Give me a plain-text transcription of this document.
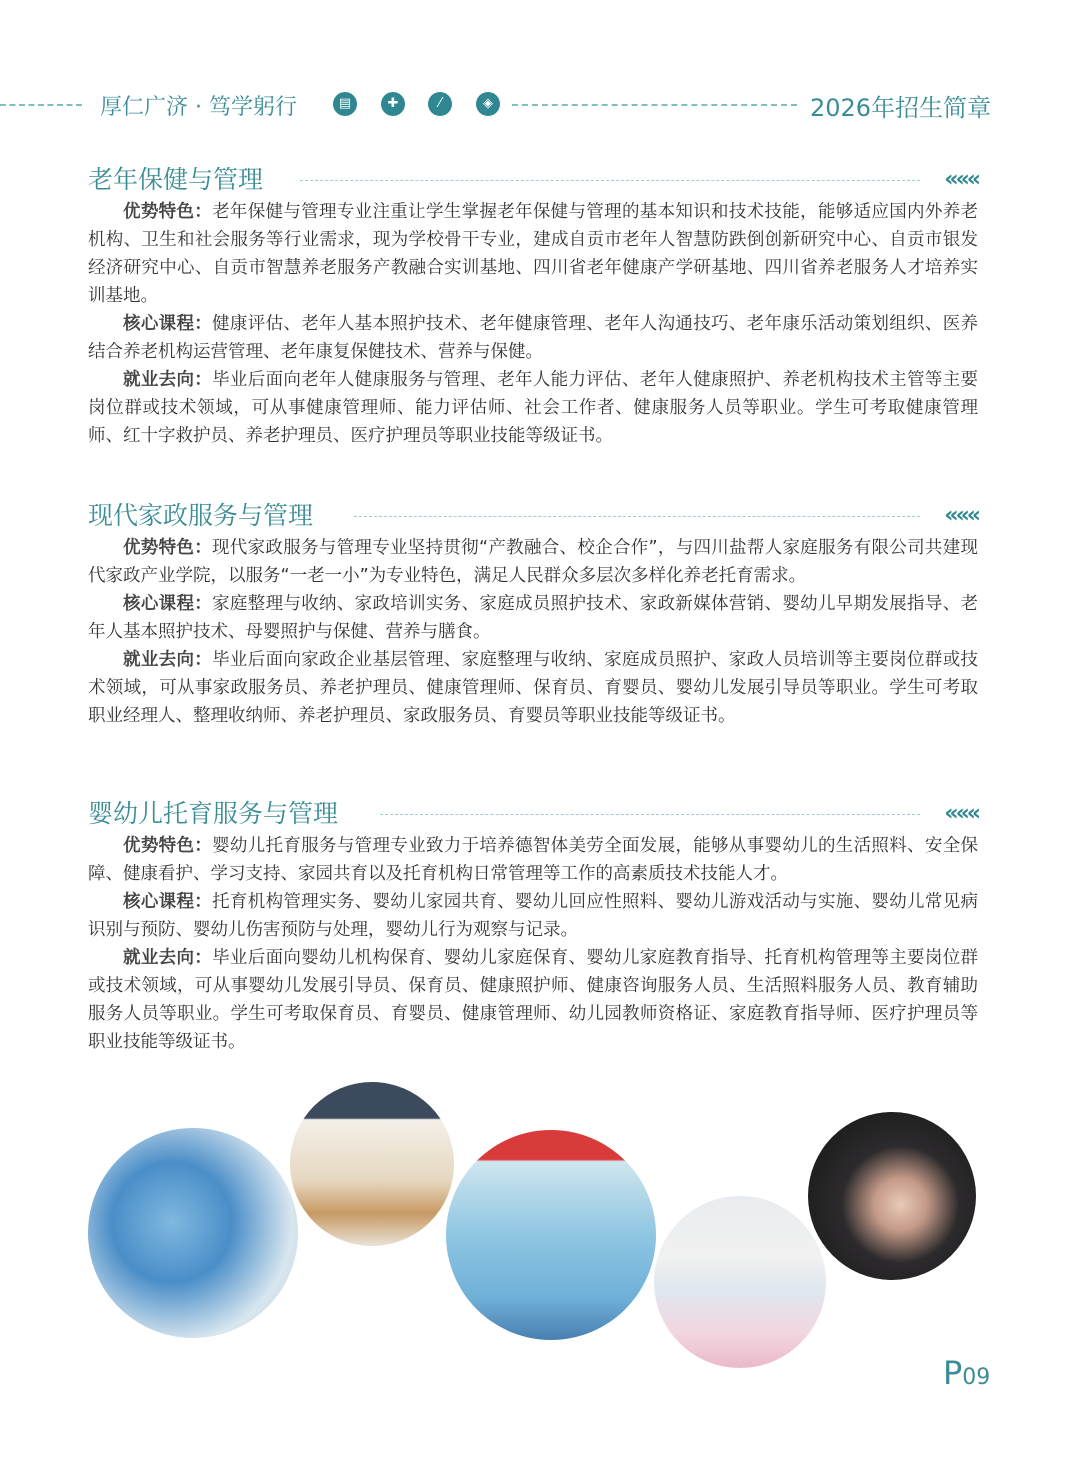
厚仁广济 · 笃学躬行	▤	✚	⁄	◈	2026年招生简章
老年保健与管理	«««

优势特色：老年保健与管理专业注重让学生掌握老年保健与管理的基本知识和技术技能，能够适应国内外养老机构、卫生和社会服务等行业需求，现为学校骨干专业，建成自贡市老年人智慧防跌倒创新研究中心、自贡市银发经济研究中心、自贡市智慧养老服务产教融合实训基地、四川省老年健康产学研基地、四川省养老服务人才培养实训基地。

核心课程：健康评估、老年人基本照护技术、老年健康管理、老年人沟通技巧、老年康乐活动策划组织、医养结合养老机构运营管理、老年康复保健技术、营养与保健。

就业去向：毕业后面向老年人健康服务与管理、老年人能力评估、老年人健康照护、养老机构技术主管等主要岗位群或技术领域，可从事健康管理师、能力评估师、社会工作者、健康服务人员等职业。学生可考取健康管理师、红十字救护员、养老护理员、医疗护理员等职业技能等级证书。

现代家政服务与管理	«««

优势特色：现代家政服务与管理专业坚持贯彻“产教融合、校企合作”，与四川盐帮人家庭服务有限公司共建现代家政产业学院，以服务“一老一小”为专业特色，满足人民群众多层次多样化养老托育需求。

核心课程：家庭整理与收纳、家政培训实务、家庭成员照护技术、家政新媒体营销、婴幼儿早期发展指导、老年人基本照护技术、母婴照护与保健、营养与膳食。

就业去向：毕业后面向家政企业基层管理、家庭整理与收纳、家庭成员照护、家政人员培训等主要岗位群或技术领域，可从事家政服务员、养老护理员、健康管理师、保育员、育婴员、婴幼儿发展引导员等职业。学生可考取职业经理人、整理收纳师、养老护理员、家政服务员、育婴员等职业技能等级证书。

婴幼儿托育服务与管理	«««

优势特色：婴幼儿托育服务与管理专业致力于培养德智体美劳全面发展，能够从事婴幼儿的生活照料、安全保障、健康看护、学习支持、家园共育以及托育机构日常管理等工作的高素质技术技能人才。

核心课程：托育机构管理实务、婴幼儿家园共育、婴幼儿回应性照料、婴幼儿游戏活动与实施、婴幼儿常见病识别与预防、婴幼儿伤害预防与处理，婴幼儿行为观察与记录。

就业去向：毕业后面向婴幼儿机构保育、婴幼儿家庭保育、婴幼儿家庭教育指导、托育机构管理等主要岗位群或技术领域，可从事婴幼儿发展引导员、保育员、健康照护师、健康咨询服务人员、生活照料服务人员、教育辅助服务人员等职业。学生可考取保育员、育婴员、健康管理师、幼儿园教师资格证、家庭教育指导师、医疗护理员等职业技能等级证书。

P09
